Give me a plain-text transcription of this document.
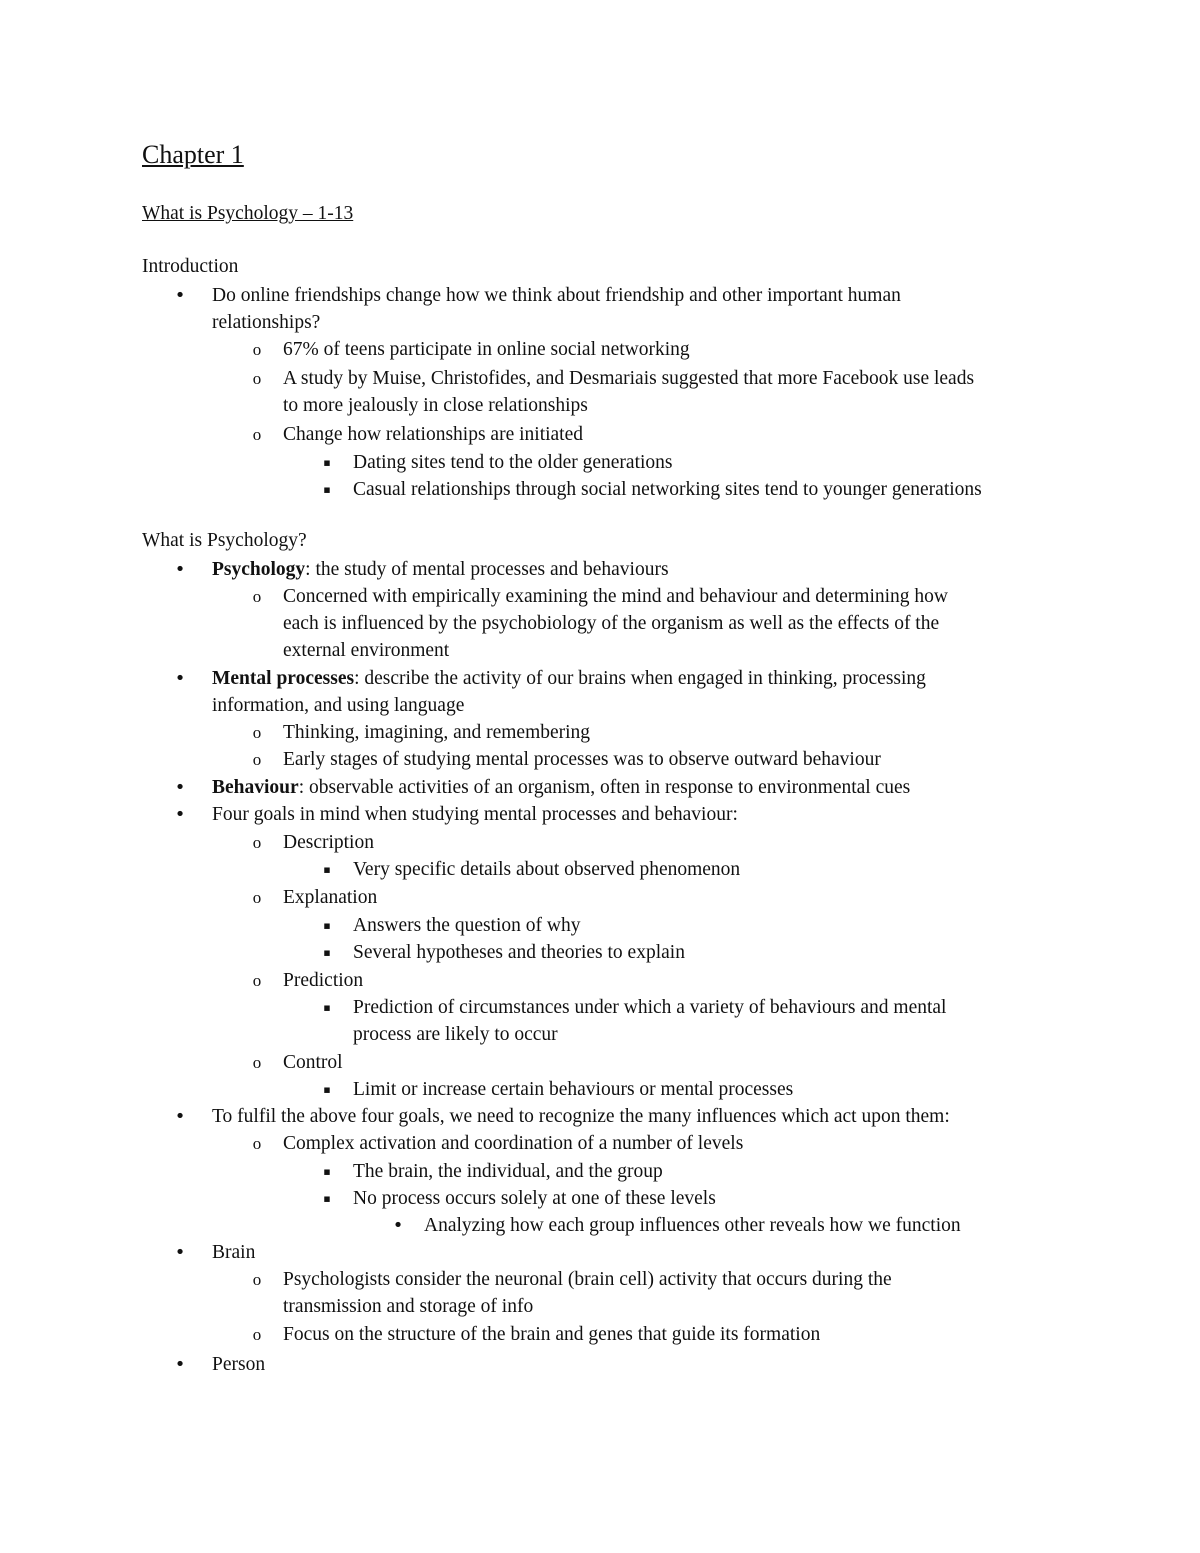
Chapter 1
What is Psychology – 1-13
Introduction
• Do online friendships change how we think about friendship and other important human
relationships?
o 67% of teens participate in online social networking
o A study by Muise, Christofides, and Desmariais suggested that more Facebook use leads
to more jealously in close relationships
o Change how relationships are initiated
▪	Dating sites tend to the older generations
▪	Casual relationships through social networking sites tend to younger generations
What is Psychology?
• Psychology: the study of mental processes and behaviours
o Concerned with empirically examining the mind and behaviour and determining how
each is influenced by the psychobiology of the organism as well as the effects of the
external environment
• Mental processes: describe the activity of our brains when engaged in thinking, processing
information, and using language
o Thinking, imagining, and remembering
o Early stages of studying mental processes was to observe outward behaviour
• Behaviour: observable activities of an organism, often in response to environmental cues
• Four goals in mind when studying mental processes and behaviour:
o Description
▪	Very specific details about observed phenomenon
o Explanation
▪	Answers the question of why
▪	Several hypotheses and theories to explain
o Prediction
▪	Prediction of circumstances under which a variety of behaviours and mental
process are likely to occur
o Control
▪	Limit or increase certain behaviours or mental processes
• To fulfil the above four goals, we need to recognize the many influences which act upon them:
o Complex activation and coordination of a number of levels
▪	The brain, the individual, and the group
▪	No process occurs solely at one of these levels
• Analyzing how each group influences other reveals how we function
• Brain
o Psychologists consider the neuronal (brain cell) activity that occurs during the
transmission and storage of info
o Focus on the structure of the brain and genes that guide its formation
• Person
